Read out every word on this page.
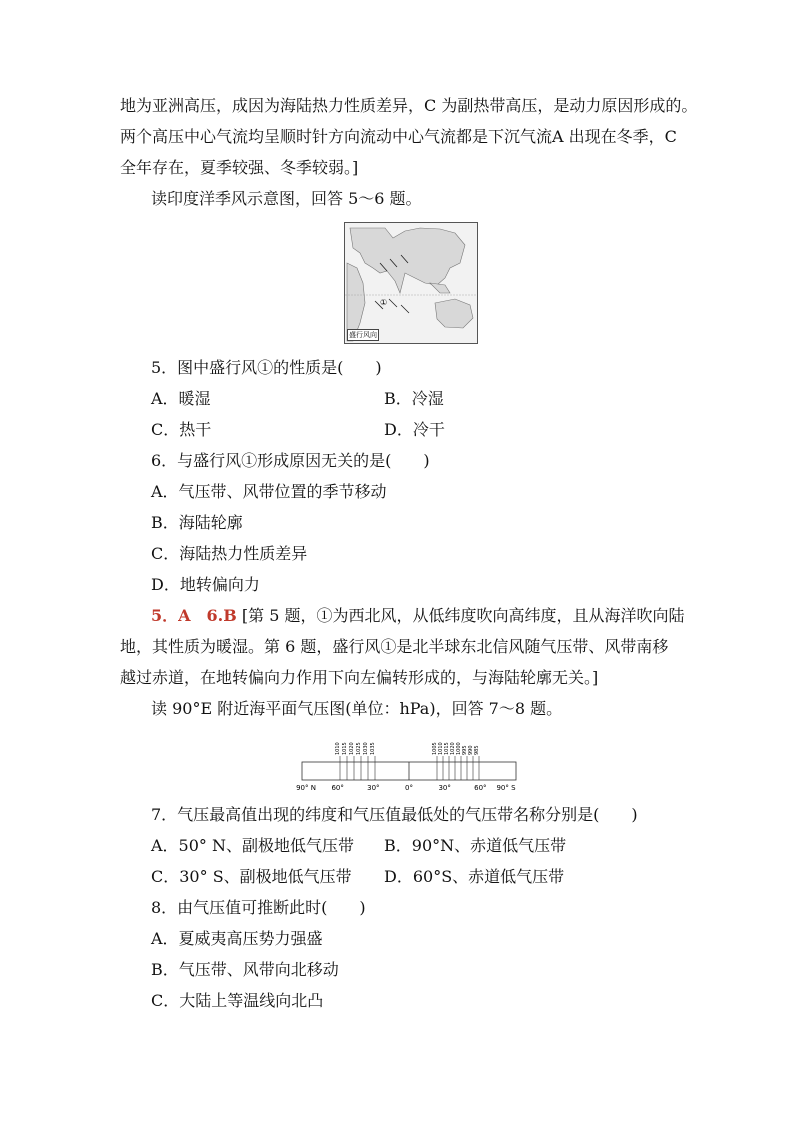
地为亚洲高压，成因为海陆热力性质差异，C 为副热带高压，是动力原因形成的。
两个高压中心气流均呈顺时针方向流动中心气流都是下沉气流A 出现在冬季，C
全年存在，夏季较强、冬季较弱。]
读印度洋季风示意图，回答 5～6 题。
①
盛行风向
5．图中盛行风①的性质是(　　)
A．暖湿	B．冷湿
C．热干	D．冷干
6．与盛行风①形成原因无关的是(　　)
A．气压带、风带位置的季节移动
B．海陆轮廓
C．海陆热力性质差异
D．地转偏向力
5．A　6.B [第 5 题，①为西北风，从低纬度吹向高纬度，且从海洋吹向陆
地，其性质为暖湿。第 6 题，盛行风①是北半球东北信风随气压带、风带南移
越过赤道，在地转偏向力作用下向左偏转形成的，与海陆轮廓无关。]
读 90°E 附近海平面气压图(单位：hPa)，回答 7～8 题。
1010 1015 1020 1025 1030 1035	1005 1010 1015 1020 1000 995 990 985
90° N 60°	30°	0°	30°	60° 90° S
7．气压最高值出现的纬度和气压值最低处的气压带名称分别是(　　)
A．50° N、副极地低气压带 B．90°N、赤道低气压带
C．30° S、副极地低气压带 D．60°S、赤道低气压带
8．由气压值可推断此时(　　)
A．夏威夷高压势力强盛
B．气压带、风带向北移动
C．大陆上等温线向北凸
